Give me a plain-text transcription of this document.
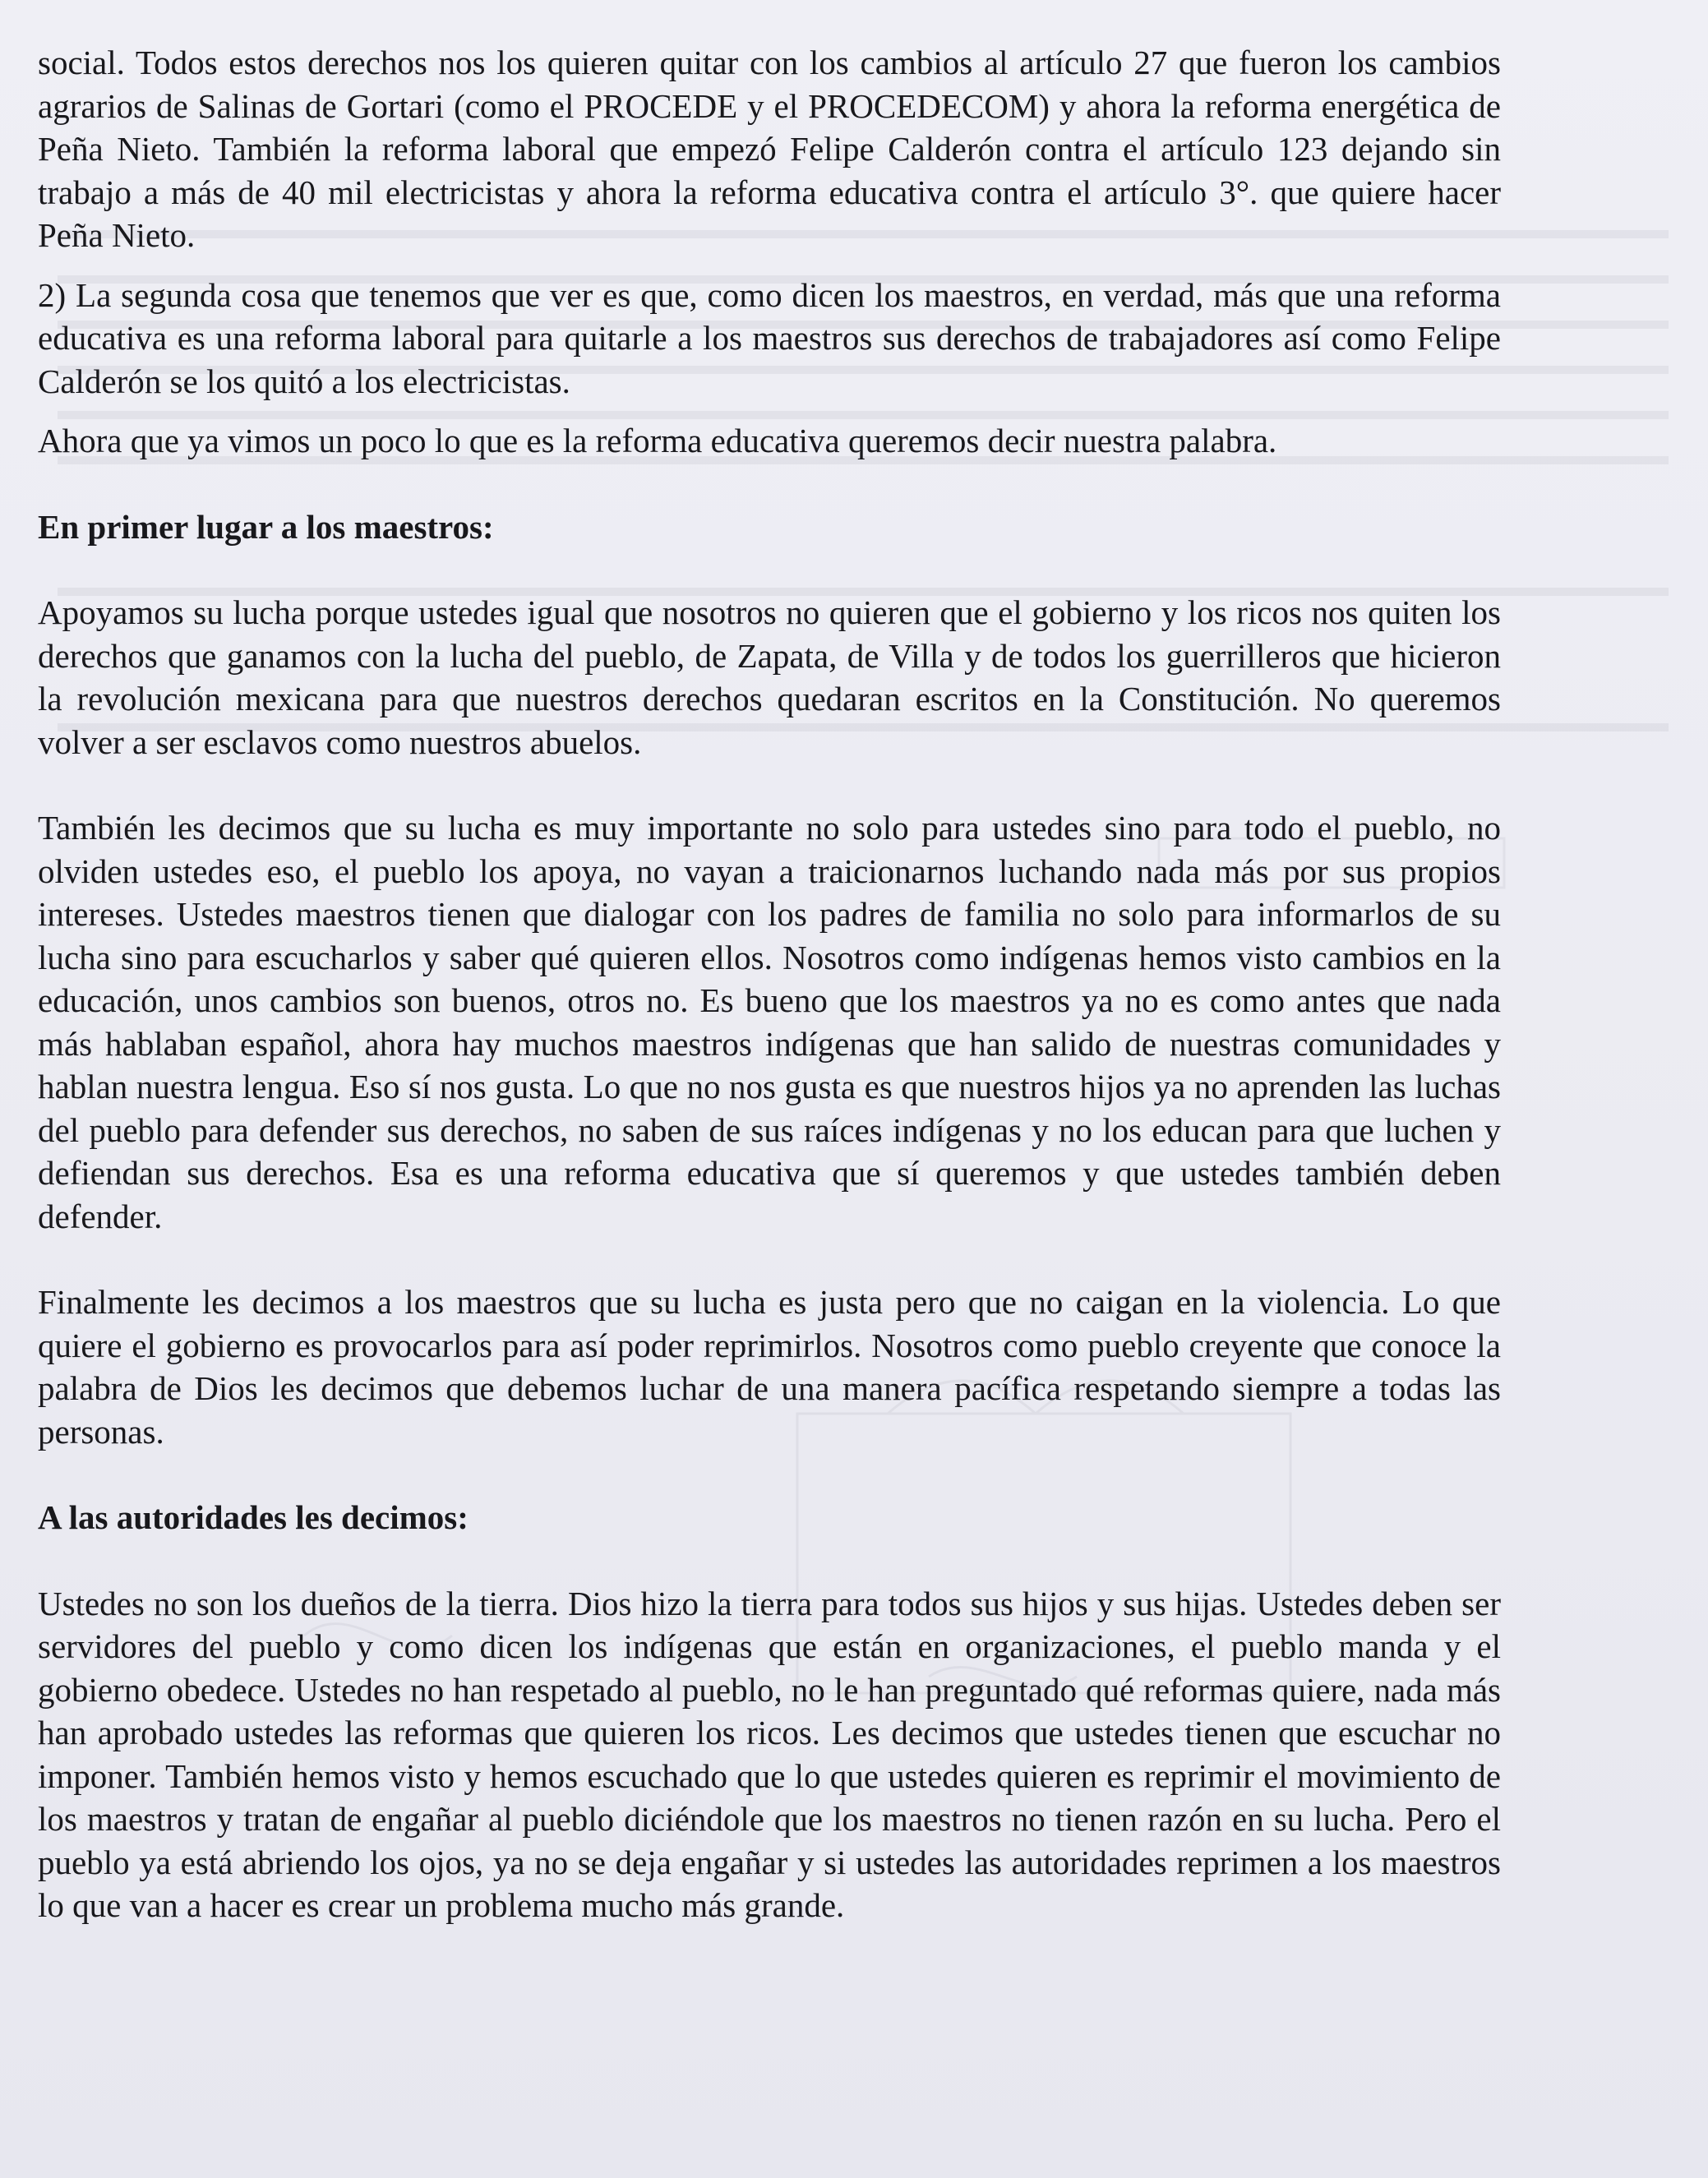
social. Todos estos derechos nos los quieren quitar con los cambios al artículo 27 que fueron los cambios agrarios de Salinas de Gortari (como el PROCEDE y el PROCEDECOM) y ahora la reforma energética de Peña Nieto. También la reforma laboral que empezó Felipe Calderón contra el artículo 123 dejando sin trabajo a más de 40 mil electricistas y ahora la reforma educativa contra el artículo 3°. que quiere hacer Peña Nieto.

2) La segunda cosa que tenemos que ver es que, como dicen los maestros, en verdad, más que una reforma educativa es una reforma laboral para quitarle a los maestros sus derechos de trabajadores así como Felipe Calderón se los quitó a los electricistas.

Ahora que ya vimos un poco lo que es la reforma educativa queremos decir nuestra palabra.

En primer lugar a los maestros:

Apoyamos su lucha porque ustedes igual que nosotros no quieren que el gobierno y los ricos nos quiten los derechos que ganamos con la lucha del pueblo, de Zapata, de Villa y de todos los guerrilleros que hicieron la revolución mexicana para que nuestros derechos quedaran escritos en la Constitución. No queremos volver a ser esclavos como nuestros abuelos.

También les decimos que su lucha es muy importante no solo para ustedes sino para todo el pueblo, no olviden ustedes eso, el pueblo los apoya, no vayan a traicionarnos luchando nada más por sus propios intereses. Ustedes maestros tienen que dialogar con los padres de familia no solo para informarlos de su lucha sino para escucharlos y saber qué quieren ellos. Nosotros como indígenas hemos visto cambios en la educación, unos cambios son buenos, otros no. Es bueno que los maestros ya no es como antes que nada más hablaban español, ahora hay muchos maestros indígenas que han salido de nuestras comunidades y hablan nuestra lengua. Eso sí nos gusta. Lo que no nos gusta es que nuestros hijos ya no aprenden las luchas del pueblo para defender sus derechos, no saben de sus raíces indígenas y no los educan para que luchen y defiendan sus derechos. Esa es una reforma educativa que sí queremos y que ustedes también deben defender.

Finalmente les decimos a los maestros que su lucha es justa pero que no caigan en la violencia. Lo que quiere el gobierno es provocarlos para así poder reprimirlos. Nosotros como pueblo creyente que conoce la palabra de Dios les decimos que debemos luchar de una manera pacífica respetando siempre a todas las personas.

A las autoridades les decimos:

Ustedes no son los dueños de la tierra. Dios hizo la tierra para todos sus hijos y sus hijas. Ustedes deben ser servidores del pueblo y como dicen los indígenas que están en organizaciones, el pueblo manda y el gobierno obedece. Ustedes no han respetado al pueblo, no le han preguntado qué reformas quiere, nada más han aprobado ustedes las reformas que quieren los ricos. Les decimos que ustedes tienen que escuchar no imponer. También hemos visto y hemos escuchado que lo que ustedes quieren es reprimir el movimiento de los maestros y tratan de engañar al pueblo diciéndole que los maestros no tienen razón en su lucha. Pero el pueblo ya está abriendo los ojos, ya no se deja engañar y si ustedes las autoridades reprimen a los maestros lo que van a hacer es crear un problema mucho más grande.
